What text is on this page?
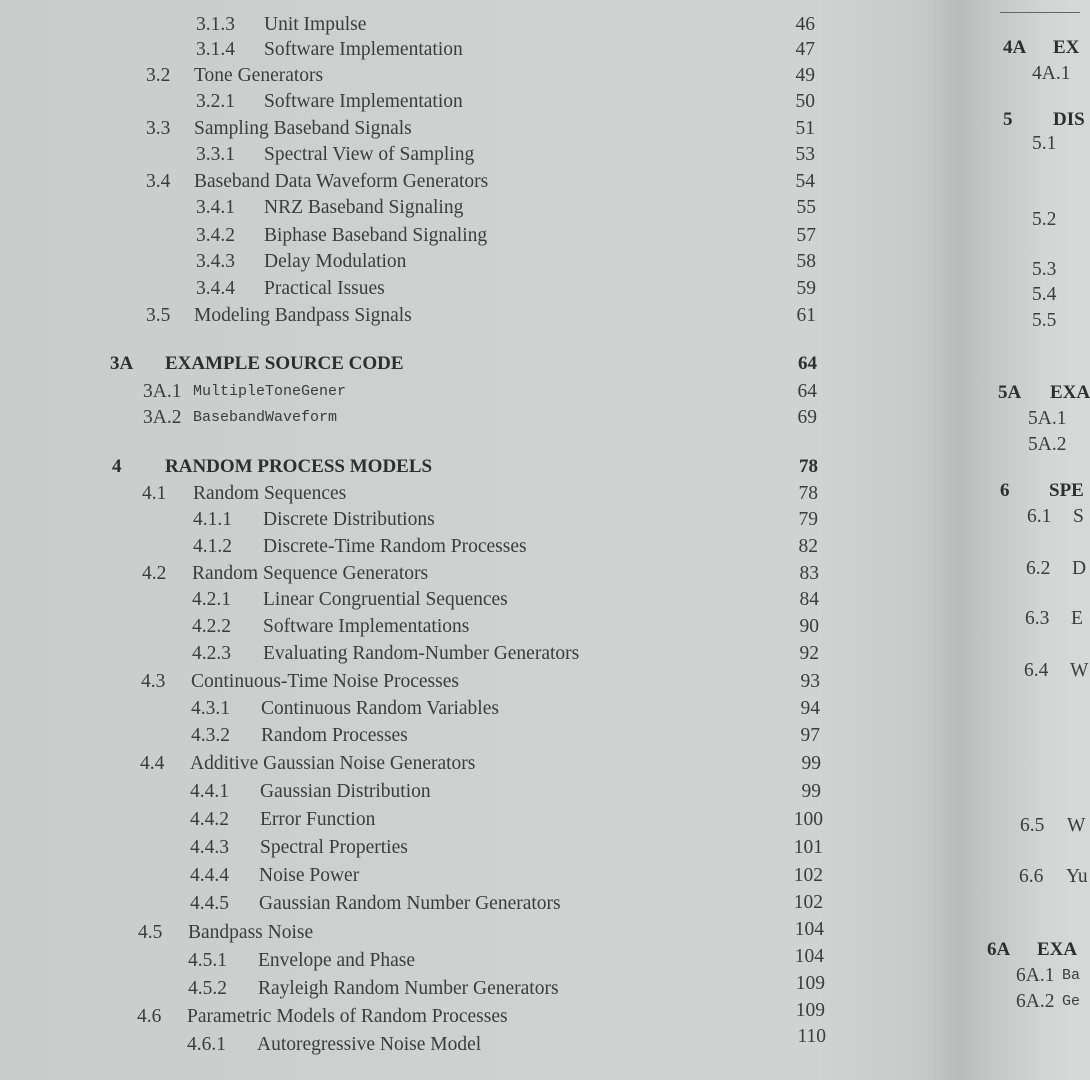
3.1.3 Unit Impulse	46
3.1.4 Software Implementation	47
3.2 Tone Generators	49
3.2.1 Software Implementation	50
3.3 Sampling Baseband Signals	51
3.3.1 Spectral View of Sampling	53
3.4 Baseband Data Waveform Generators	54
3.4.1 NRZ Baseband Signaling	55
3.4.2 Biphase Baseband Signaling	57
3.4.3 Delay Modulation	58
3.4.4 Practical Issues	59
3.5 Modeling Bandpass Signals	61
3A EXAMPLE SOURCE CODE	64
3A.1 MultipleToneGener	64
3A.2 BasebandWaveform	69
4 RANDOM PROCESS MODELS	78
4.1 Random Sequences	78
4.1.1 Discrete Distributions	79
4.1.2 Discrete-Time Random Processes	82
4.2 Random Sequence Generators	83
4.2.1 Linear Congruential Sequences	84
4.2.2 Software Implementations	90
4.2.3 Evaluating Random-Number Generators	92
4.3 Continuous-Time Noise Processes	93
4.3.1 Continuous Random Variables	94
4.3.2 Random Processes	97
4.4 Additive Gaussian Noise Generators	99
4.4.1 Gaussian Distribution	99
4.4.2 Error Function	100
4.4.3 Spectral Properties	101
4.4.4 Noise Power	102
4.4.5 Gaussian Random Number Generators	102
4.5 Bandpass Noise	104
4.5.1 Envelope and Phase	104
4.5.2 Rayleigh Random Number Generators	109
4.6 Parametric Models of Random Processes	109
4.6.1 Autoregressive Noise Model	110
4A EX
4A.1
5 DIS
5.1
5.2
5.3
5.4
5.5
5A EXA
5A.1
5A.2
6 SPE
6.1 S
6.2 D
6.3 E
6.4 W
6.5 W
6.6 Yu
6A EXA
6A.1 Ba
6A.2 Ge
